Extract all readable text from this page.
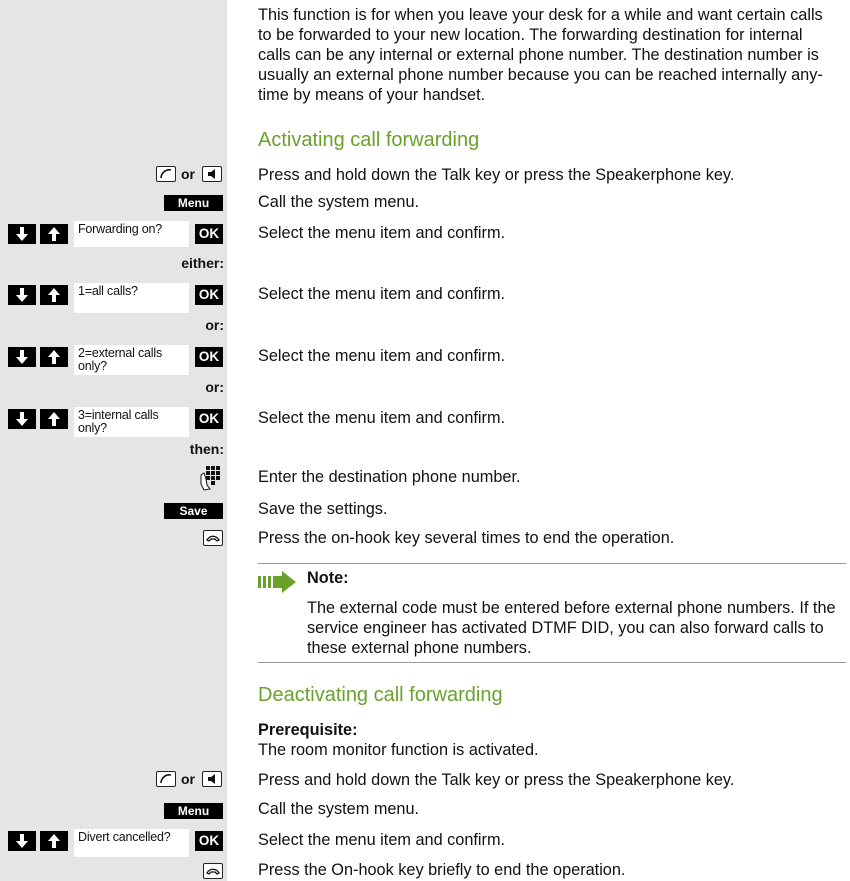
This function is for when you leave your desk for a while and want certain calls
to be forwarded to your new location. The forwarding destination for internal
calls can be any internal or external phone number. The destination number is
usually an external phone number because you can be reached internally any-
time by means of your handset.
Activating call forwarding
or	Press and hold down the Talk key or press the Speakerphone key.
Menu	Call the system menu.
Forwarding on?	OK Select the menu item and confirm.
either:
1=all calls?	OK Select the menu item and confirm.
or:
2=external calls
only?
OK Select the menu item and confirm.
or:
3=internal calls
only?
OK Select the menu item and confirm.
then:
Enter the destination phone number.
Save	Save the settings.
Press the on-hook key several times to end the operation.
Note:
The external code must be entered before external phone numbers. If the
service engineer has activated DTMF DID, you can also forward calls to
these external phone numbers.
Deactivating call forwarding
Prerequisite:
The room monitor function is activated.
or	Press and hold down the Talk key or press the Speakerphone key.
Menu	Call the system menu.
Divert cancelled?	OK Select the menu item and confirm.
Press the On-hook key briefly to end the operation.
